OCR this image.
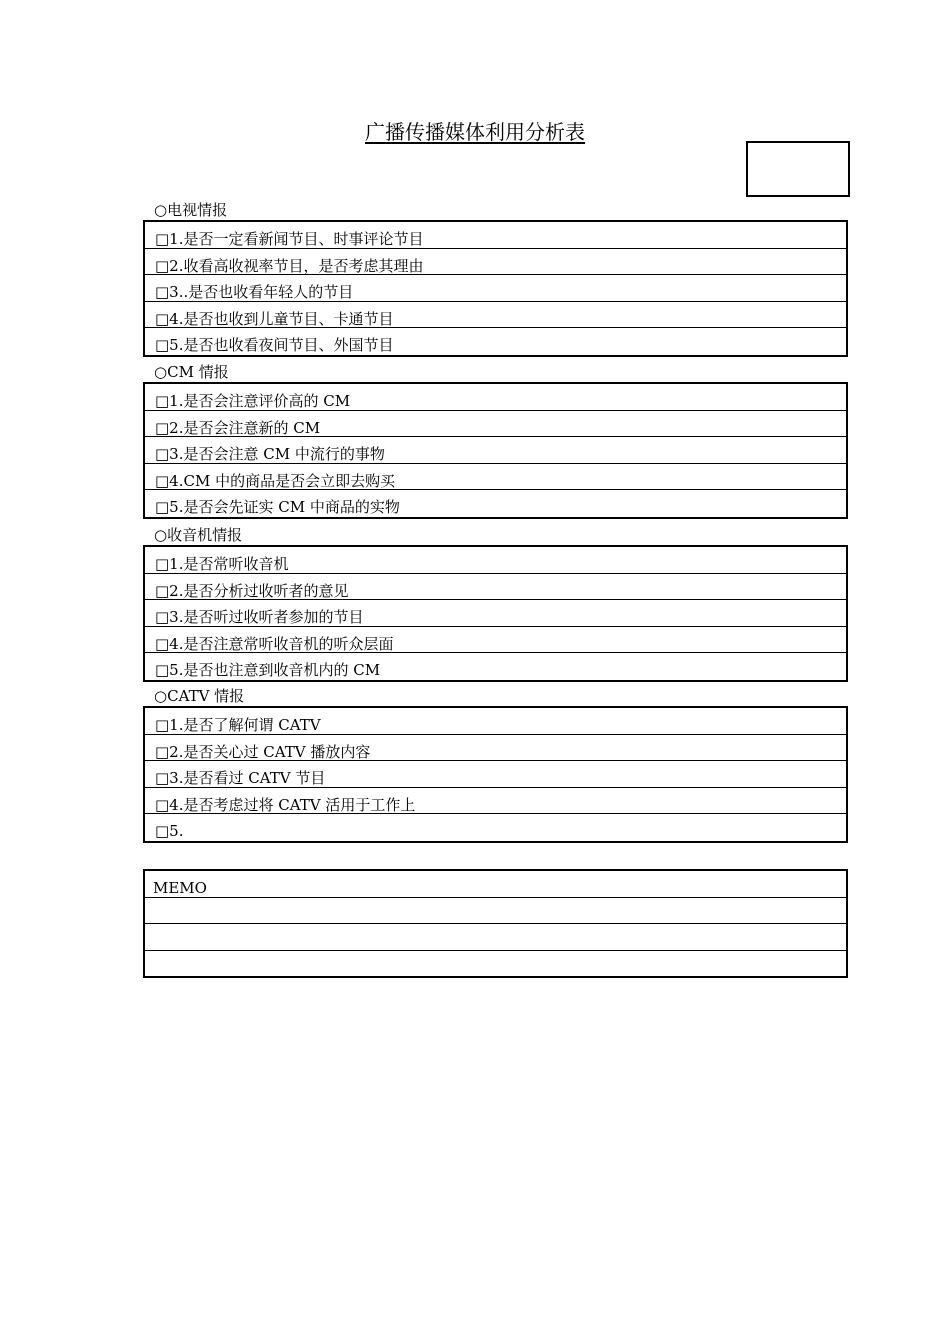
广播传播媒体利用分析表
○电视情报
□1.是否一定看新闻节目、时事评论节目
□2.收看高收视率节目，是否考虑其理由
□3..是否也收看年轻人的节目
□4.是否也收到儿童节目、卡通节目
□5.是否也收看夜间节目、外国节目
○CM 情报
□1.是否会注意评价高的 CM
□2.是否会注意新的 CM
□3.是否会注意 CM 中流行的事物
□4.CM 中的商品是否会立即去购买
□5.是否会先证实 CM 中商品的实物
○收音机情报
□1.是否常听收音机
□2.是否分析过收听者的意见
□3.是否听过收听者参加的节目
□4.是否注意常听收音机的听众层面
□5.是否也注意到收音机内的 CM
○CATV 情报
□1.是否了解何谓 CATV
□2.是否关心过 CATV 播放内容
□3.是否看过 CATV 节目
□4.是否考虑过将 CATV 活用于工作上
□5.
MEMO
